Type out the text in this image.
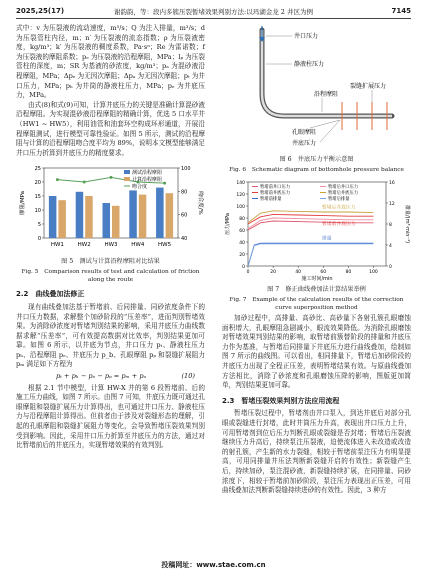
2025,25(17)	谢韵韵，等：段内多簇压裂暂堵效果判别方法:以玛湖金龙 2 井区为例	7145

式中：v 为压裂液的流动速度，m³/s；Q 为注入排量，m³/s；d 为压裂管柱内径，m；n′ 为压裂液的流态指数；ρ 为压裂液密度，kg/m³；k′ 为压裂液的稠度系数，Pa·sⁿ；Re 为雷诺数；f 为压裂液的摩阻系数；pₑ 为压裂液的沿程摩阻，MPa；lₚ 为压裂管柱的深度，m；SR 为基液的砂浓度，kg/m³；pₐ 为混砂液沿程摩阻，MPa；Δpₑ 为无因次摩阻；Δpₐ 为无因次摩阻；pₜ 为井口压力，MPa；pₕ 为井筒的静液柱压力，MPa；pₑ 为井底压力，MPa。

由式(8)和式(9)可知，计算井底压力的关键是准确计算混砂液沿程摩阻。为实现混砂液沿程摩阻的精确计算，优选 5 口水平井（HW1 ~ HW5），利用油管和油套环空构成环形通道，开展沿程摩阻测试，进行模型可靠性验证。如图 5 所示，测试的沿程摩阻与计算的沿程摩阻吻合度平均为 89%，说明本文模型能够满足井口压力折算到井底压力的精度要求。

0
5
10
15
20
25
40
60
80
100
HW1 HW2 HW3 HW4 HW5
摩阻/MPa	吻合度/%
测试沿程摩阻
计算沿程摩阻
吻合度
图 5　测试与计算沿程摩阻对比结果
Fig. 5　Comparison results of test and calculation of friction along the route
2.2　曲线叠加法修正

现有曲线叠加法基于暂堵前、后同排量、同砂浓度条件下的井口压力数据，求解整个加砂阶段的“压差率”，进而判别暂堵效果。为消除砂浓度对暂堵判别结果的影响，采用井底压力曲线数据求解“压差率”，可有效提高数据对比效率，判别结果更加可靠。如图 6 所示，以井底为节点，井口压力 pₜ、静液柱压力 pₕ、沿程摩阻 pₑ、井底压力 p_b、孔眼摩阻 pₚ 和裂缝扩展阻力 pₘ 满足如下方程为

pₜ + pₕ − pₑ − pₚ = pₘ + pₒ	(10)

根据 2.1 节中模型，计算 HW-X 井的第 6 段暂堵前、后的施工压力曲线，如图 7 所示。由图 7 可知，井底压力既可通过孔眼摩阻和裂缝扩展压力计算得出，也可通过井口压力、静液柱压力与沿程摩阻计算得出。但前者由于涉及对裂缝形态的理解，引起的孔眼摩阻和裂缝扩展阻力等变化，会导致暂堵压裂效果判别受到影响。因此，采用井口压力折算至井底压力的方法，通过对比暂堵前后的井底压力，实现暂堵效果的有效判别。

井口压力
静液柱压力
沿程摩阻
裂缝扩展压力
孔眼摩阻
井底压力
图 6　井底压力平衡示意图
Fig. 6　Schematic diagram of bottomhole pressure balance
0
20
40
60
80
100
120
140
0
4
8
12
16
0	20	40	60	80	100
暂堵后井底压力
暂堵前井底压力
排量
暂堵前井口压力	暂堵后井口压力
暂堵前井底压力	暂堵后井底压力
暂堵前排量	暂堵后排量
施工时间/min
压力/MPa	排量/(m³·min⁻¹)
图 7　修正曲线叠加法计算结果举例
Fig. 7　Example of the calculation results of the correction curve superposition method

加砂过程中，高排量、高砂比、高砂量下各射孔簇孔眼磨蚀面积增大，孔眼摩阻急剧减小，眼流效果降低。为消除孔眼磨蚀对暂堵效果判别结果的影响，取暂堵前簇替阶段的排量和井底压力作为基准，与暂堵后同排量下井底压力进行曲线叠加，绘制如图 7 所示的曲线图。可以看出，相同排量下，暂堵后加砂阶段的井底压力出现了全程正压差，表明暂堵结果有效。与原曲线叠加方法相比，消除了砂浓度和孔眼磨蚀压降的影响，图版更加简单，判别结果更加可靠。

2.3　暂堵压裂效果判别方法应用流程

暂堵压裂过程中，暂堵剂由井口泵入，到达井底后对部分孔眼或裂缝进行封堵，此时井筒压力升高，表现出井口压力上升，可用暂堵剂到位后压力判断孔眼或裂缝是否封堵；暂堵后压裂液继续压力升高后，持续泵注压裂液，迫使流体进入未改造或改造的射孔簇，产生新的水力裂缝，相较于暂堵前泵注压力有明显提高，可用同排量井压法判断新裂缝开启的有效性；新裂缝产生后，持续加砂，泵注混砂液，新裂缝持续扩展，在同排量、同砂浓度下，相较于暂堵前加砂阶段，泵注压力表现出正压差，可用曲线叠加法判断新裂缝持续进砂的有效性。因此，3 种方

投稿网址：www.stae.com.cn
